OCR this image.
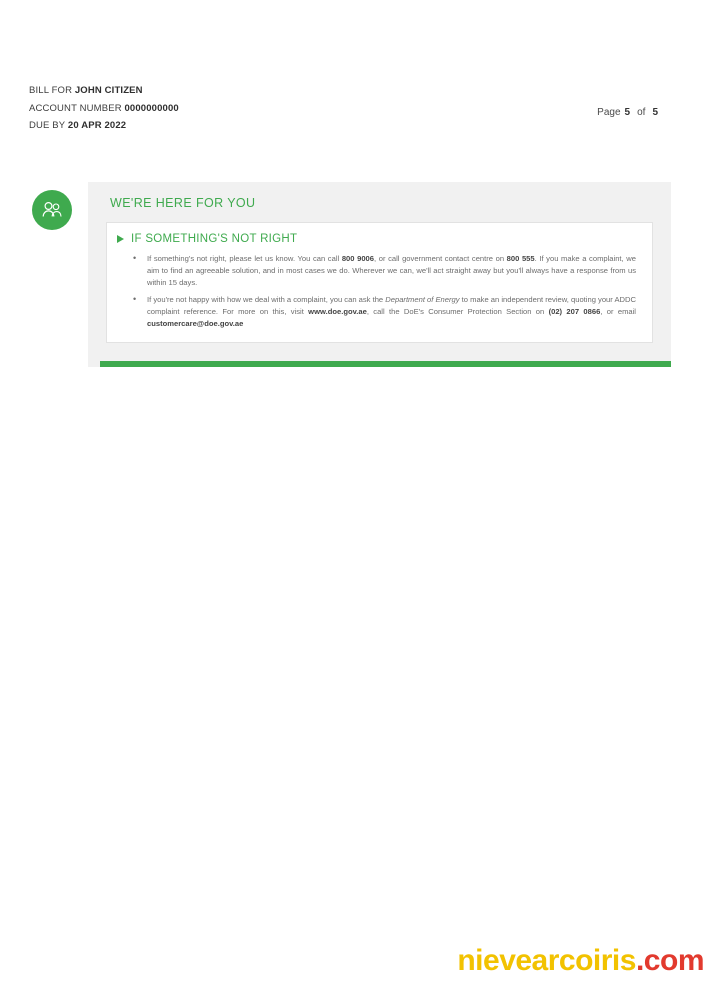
BILL FOR JOHN CITIZEN
ACCOUNT NUMBER 0000000000
DUE BY 20 APR 2022
Page 5 of 5
WE'RE HERE FOR YOU
IF SOMETHING'S NOT RIGHT
• If something's not right, please let us know. You can call 800 9006, or call government contact centre on 800 555. If you make a complaint, we aim to find an agreeable solution, and in most cases we do. Wherever we can, we'll act straight away but you'll always have a response from us within 15 days.
• If you're not happy with how we deal with a complaint, you can ask the Department of Energy to make an independent review, quoting your ADDC complaint reference. For more on this, visit www.doe.gov.ae, call the DoE's Consumer Protection Section on (02) 207 0866, or email customercare@doe.gov.ae
nievearcoiris.com
